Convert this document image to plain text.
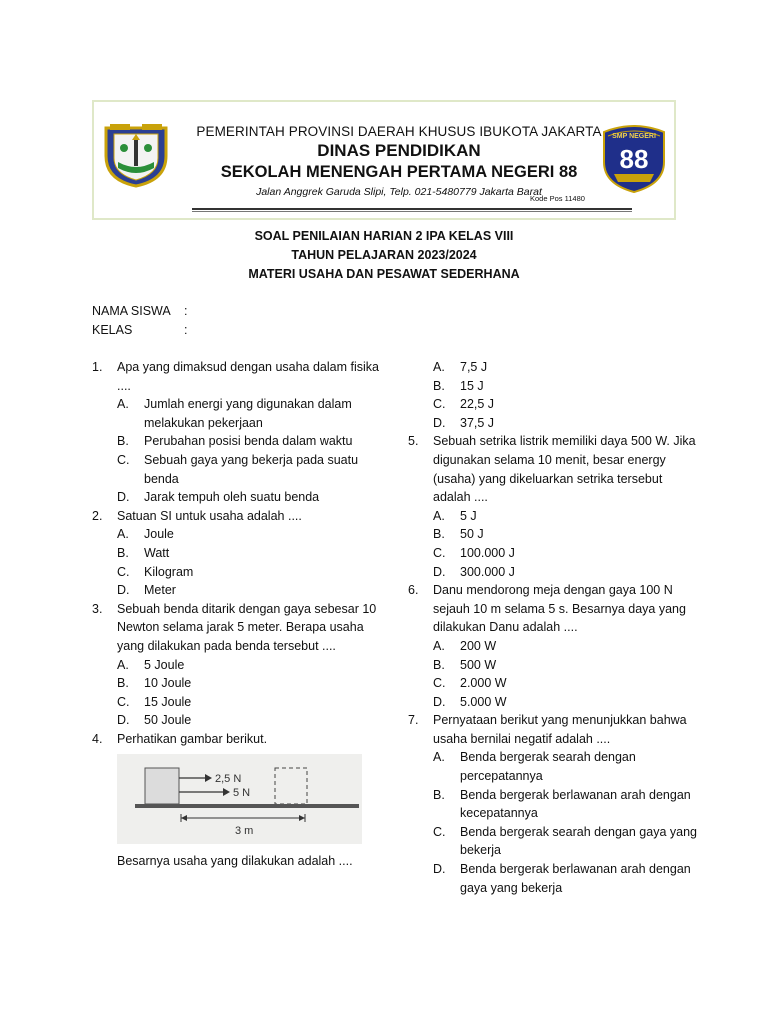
PEMERINTAH PROVINSI DAERAH KHUSUS IBUKOTA JAKARTA
DINAS PENDIDIKAN
SEKOLAH MENENGAH PERTAMA NEGERI 88
Jalan Anggrek Garuda Slipi, Telp. 021-5480779 Jakarta Barat
SMP NEGERI
88
Kode Pos 11480
SOAL PENILAIAN HARIAN 2 IPA KELAS VIII
TAHUN PELAJARAN 2023/2024
MATERI USAHA DAN PESAWAT SEDERHANA
NAMA SISWA :
KELAS	:
1. Apa yang dimaksud dengan usaha dalam fisika ....
A. Jumlah energi yang digunakan dalam melakukan pekerjaan
B. Perubahan posisi benda dalam waktu
C. Sebuah gaya yang bekerja pada suatu benda
D. Jarak tempuh oleh suatu benda
2. Satuan SI untuk usaha adalah ....
A. Joule
B. Watt
C. Kilogram
D. Meter
3. Sebuah benda ditarik dengan gaya sebesar 10 Newton selama jarak 5 meter. Berapa usaha yang dilakukan pada benda tersebut ....
A. 5 Joule
B. 10 Joule
C. 15 Joule
D. 50 Joule
4. Perhatikan gambar berikut.
2,5 N
5 N
3 m
Besarnya usaha yang dilakukan adalah ....
A. 7,5 J
B. 15 J
C. 22,5 J
D. 37,5 J
5. Sebuah setrika listrik memiliki daya 500 W. Jika digunakan selama 10 menit, besar energy (usaha) yang dikeluarkan setrika tersebut adalah ....
A. 5 J
B. 50 J
C. 100.000 J
D. 300.000 J
6. Danu mendorong meja dengan gaya 100 N sejauh 10 m selama 5 s. Besarnya daya yang dilakukan Danu adalah ....
A. 200 W
B. 500 W
C. 2.000 W
D. 5.000 W
7. Pernyataan berikut yang menunjukkan bahwa usaha bernilai negatif adalah ....
A. Benda bergerak searah dengan percepatannya
B. Benda bergerak berlawanan arah dengan kecepatannya
C. Benda bergerak searah dengan gaya yang bekerja
D. Benda bergerak berlawanan arah dengan gaya yang bekerja
